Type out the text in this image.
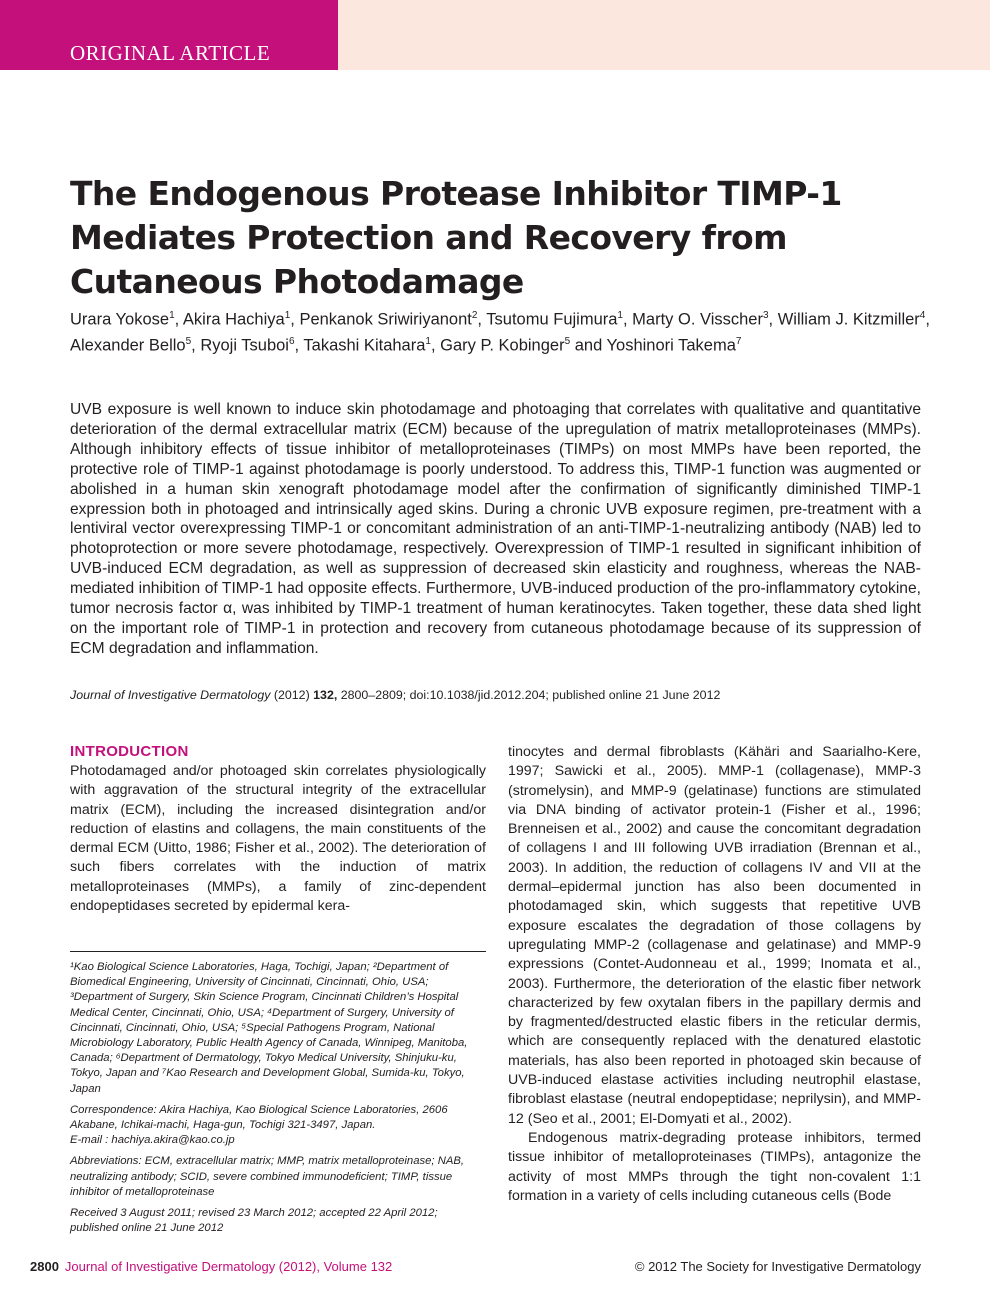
ORIGINAL ARTICLE
The Endogenous Protease Inhibitor TIMP-1 Mediates Protection and Recovery from Cutaneous Photodamage

Urara Yokose$^1$, Akira Hachiya$^1$, Penkanok Sriwiriyanont$^2$, Tsutomu Fujimura$^1$, Marty O. Visscher$^3$, William J. Kitzmiller$^4$, Alexander Bello$^5$, Ryoji Tsuboi$^6$, Takashi Kitahara$^1$, Gary P. Kobinger$^5$ and Yoshinori Takema$^7$

UVB exposure is well known to induce skin photodamage and photoaging that correlates with qualitative and quantitative deterioration of the dermal extracellular matrix (ECM) because of the upregulation of matrix metalloproteinases (MMPs). Although inhibitory effects of tissue inhibitor of metalloproteinases (TIMPs) on most MMPs have been reported, the protective role of TIMP-1 against photodamage is poorly understood. To address this, TIMP-1 function was augmented or abolished in a human skin xenograft photodamage model after the confirmation of significantly diminished TIMP-1 expression both in photoaged and intrinsically aged skins. During a chronic UVB exposure regimen, pre-treatment with a lentiviral vector overexpressing TIMP-1 or concomitant administration of an anti-TIMP-1-neutralizing antibody (NAB) led to photoprotection or more severe photodamage, respectively. Overexpression of TIMP-1 resulted in significant inhibition of UVB-induced ECM degradation, as well as suppression of decreased skin elasticity and roughness, whereas the NAB-mediated inhibition of TIMP-1 had opposite effects. Furthermore, UVB-induced production of the pro-inflammatory cytokine, tumor necrosis factor α, was inhibited by TIMP-1 treatment of human keratinocytes. Taken together, these data shed light on the important role of TIMP-1 in protection and recovery from cutaneous photodamage because of its suppression of ECM degradation and inflammation.

Journal of Investigative Dermatology (2012) 132, 2800–2809; doi:10.1038/jid.2012.204; published online 21 June 2012

INTRODUCTION

Photodamaged and/or photoaged skin correlates physiologically with aggravation of the structural integrity of the extracellular matrix (ECM), including the increased disintegration and/or reduction of elastins and collagens, the main constituents of the dermal ECM (Uitto, 1986; Fisher et al., 2002). The deterioration of such fibers correlates with the induction of matrix metalloproteinases (MMPs), a family of zinc-dependent endopeptidases secreted by epidermal kera-

¹Kao Biological Science Laboratories, Haga, Tochigi, Japan; ²Department of Biomedical Engineering, University of Cincinnati, Cincinnati, Ohio, USA; ³Department of Surgery, Skin Science Program, Cincinnati Children’s Hospital Medical Center, Cincinnati, Ohio, USA; ⁴Department of Surgery, University of Cincinnati, Cincinnati, Ohio, USA; ⁵Special Pathogens Program, National Microbiology Laboratory, Public Health Agency of Canada, Winnipeg, Manitoba, Canada; ⁶Department of Dermatology, Tokyo Medical University, Shinjuku-ku, Tokyo, Japan and ⁷Kao Research and Development Global, Sumida-ku, Tokyo, Japan

Correspondence: Akira Hachiya, Kao Biological Science Laboratories, 2606 Akabane, Ichikai-machi, Haga-gun, Tochigi 321-3497, Japan.
E-mail : hachiya.akira@kao.co.jp

Abbreviations: ECM, extracellular matrix; MMP, matrix metalloproteinase; NAB, neutralizing antibody; SCID, severe combined immunodeficient; TIMP, tissue inhibitor of metalloproteinase

Received 3 August 2011; revised 23 March 2012; accepted 22 April 2012; published online 21 June 2012

tinocytes and dermal fibroblasts (Kähäri and Saarialho-Kere, 1997; Sawicki et al., 2005). MMP-1 (collagenase), MMP-3 (stromelysin), and MMP-9 (gelatinase) functions are stimulated via DNA binding of activator protein-1 (Fisher et al., 1996; Brenneisen et al., 2002) and cause the concomitant degradation of collagens I and III following UVB irradiation (Brennan et al., 2003). In addition, the reduction of collagens IV and VII at the dermal–epidermal junction has also been documented in photodamaged skin, which suggests that repetitive UVB exposure escalates the degradation of those collagens by upregulating MMP-2 (collagenase and gelatinase) and MMP-9 expressions (Contet-Audonneau et al., 1999; Inomata et al., 2003). Furthermore, the deterioration of the elastic fiber network characterized by few oxytalan fibers in the papillary dermis and by fragmented/destructed elastic fibers in the reticular dermis, which are consequently replaced with the denatured elastotic materials, has also been reported in photoaged skin because of UVB-induced elastase activities including neutrophil elastase, fibroblast elastase (neutral endopeptidase; neprilysin), and MMP-12 (Seo et al., 2001; El-Domyati et al., 2002).

Endogenous matrix-degrading protease inhibitors, termed tissue inhibitor of metalloproteinases (TIMPs), antagonize the activity of most MMPs through the tight non-covalent 1:1 formation in a variety of cells including cutaneous cells (Bode

2800 Journal of Investigative Dermatology (2012), Volume 132	© 2012 The Society for Investigative Dermatology
